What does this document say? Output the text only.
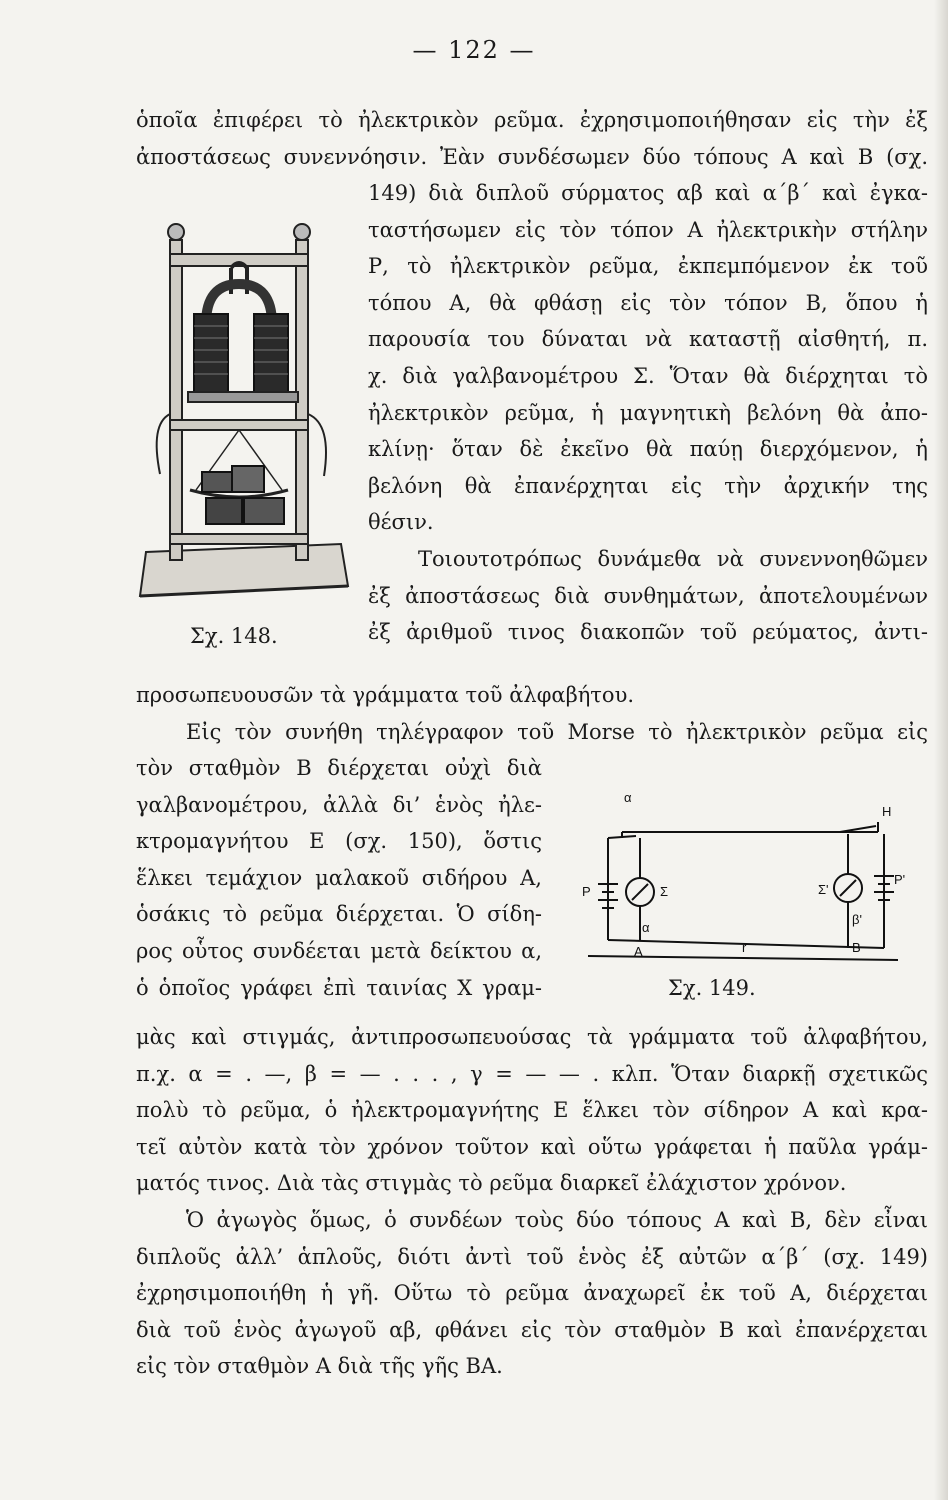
— 122 —
ὁποῖα ἐπιφέρει τὸ ἠλεκτρικὸν ρεῦμα. ἐχρησιμοποιήθησαν εἰς τὴν ἐξ
ἀποστάσεως συνεννόησιν. Ἐὰν συνδέσωμεν δύο τόπους Α καὶ Β (σχ.
Σχ. 148.
149) διὰ διπλοῦ σύρματος αβ καὶ α΄β΄ καὶ ἐγκα-
ταστήσωμεν εἰς τὸν τόπον Α ἠλεκτρικὴν στήλην
Ρ, τὸ ἠλεκτρικὸν ρεῦμα, ἐκπεμπόμενον ἐκ τοῦ
τόπου Α, θὰ φθάσῃ εἰς τὸν τόπον Β, ὅπου ἡ
παρουσία του δύναται νὰ καταστῇ αἰσθητή, π.
χ. διὰ γαλβανομέτρου Σ. Ὅταν θὰ διέρχηται τὸ
ἠλεκτρικὸν ρεῦμα, ἡ μαγνητικὴ βελόνη θὰ ἀπο-
κλίνῃ· ὅταν δὲ ἐκεῖνο θὰ παύῃ διερχόμενον, ἡ
βελόνη θὰ ἐπανέρχηται εἰς τὴν ἀρχικήν της
θέσιν.
Τοιουτοτρόπως δυνάμεθα νὰ συνεννοηθῶμεν
ἐξ ἀποστάσεως διὰ συνθημάτων, ἀποτελουμένων
ἐξ ἀριθμοῦ τινος διακοπῶν τοῦ ρεύματος, ἀντι-
προσωπευουσῶν τὰ γράμματα τοῦ ἀλφαβήτου.
Εἰς τὸν συνήθη τηλέγραφον τοῦ Morse τὸ ἠλεκτρικὸν ρεῦμα εἰς
τὸν σταθμὸν Β διέρχεται οὐχὶ διὰ
γαλβανομέτρου, ἀλλὰ δι’ ἑνὸς ἠλε-
κτρομαγνήτου Ε (σχ. 150), ὅστις
ἕλκει τεμάχιον μαλακοῦ σιδήρου Α,
ὁσάκις τὸ ρεῦμα διέρχεται. Ὁ σίδη-
ρος οὗτος συνδέεται μετὰ δείκτου α,
ὁ ὁποῖος γράφει ἐπὶ ταινίας Χ γραμ-
α
α
P	Σ
A	r	B
β'
Σ'
P'
H
Σχ. 149.
μὰς καὶ στιγμάς, ἀντιπροσωπευούσας τὰ γράμματα τοῦ ἀλφαβήτου,
π.χ. α = . —, β = — . . . , γ = — — . κλπ. Ὅταν διαρκῇ σχετικῶς
πολὺ τὸ ρεῦμα, ὁ ἠλεκτρομαγνήτης Ε ἕλκει τὸν σίδηρον Α καὶ κρα-
τεῖ αὐτὸν κατὰ τὸν χρόνον τοῦτον καὶ οὕτω γράφεται ἡ παῦλα γράμ-
ματός τινος. Διὰ τὰς στιγμὰς τὸ ρεῦμα διαρκεῖ ἐλάχιστον χρόνον.
Ὁ ἀγωγὸς ὅμως, ὁ συνδέων τοὺς δύο τόπους Α καὶ Β, δὲν εἶναι
διπλοῦς ἀλλ’ ἁπλοῦς, διότι ἀντὶ τοῦ ἑνὸς ἐξ αὐτῶν α΄β΄ (σχ. 149)
ἐχρησιμοποιήθη ἡ γῆ. Οὕτω τὸ ρεῦμα ἀναχωρεῖ ἐκ τοῦ Α, διέρχεται
διὰ τοῦ ἑνὸς ἀγωγοῦ αβ, φθάνει εἰς τὸν σταθμὸν Β καὶ ἐπανέρχεται
εἰς τὸν σταθμὸν Α διὰ τῆς γῆς ΒΑ.
